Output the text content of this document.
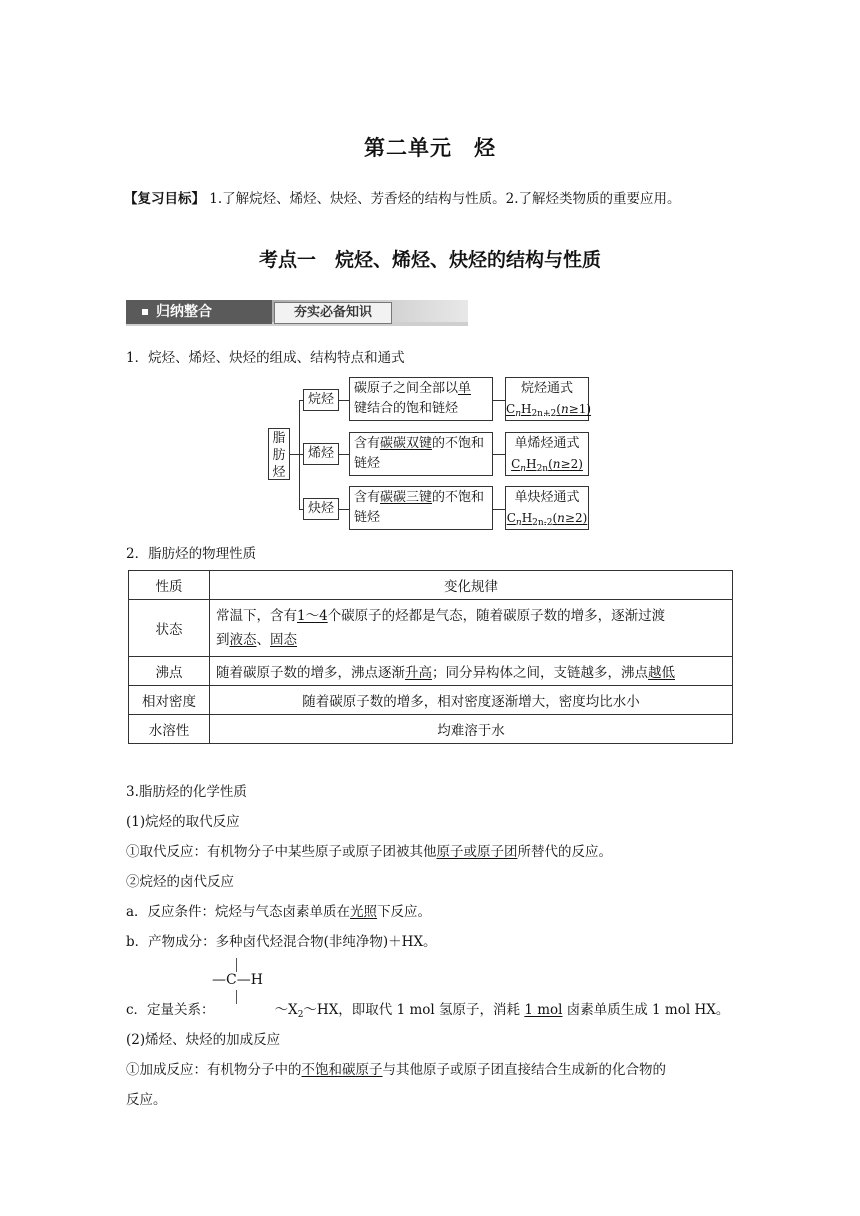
第二单元　烃
【复习目标】 1.了解烷烃、烯烃、炔烃、芳香烃的结构与性质。2.了解烃类物质的重要应用。
考点一　烷烃、烯烃、炔烃的结构与性质
归纳整合	夯实必备知识
1．烷烃、烯烃、炔烃的组成、结构特点和通式
脂肪烃
烷烃
碳原子之间全部以单
键结合的饱和链烃
烷烃通式
$C_nH_{2n+2}(n\ge 1)$
烯烃
含有碳碳双键的不饱和链烃
单烯烃通式
$C_nH_{2n}(n\ge 2)$
炔烃
含有碳碳三键的不饱和链烃
单炔烃通式
$C_nH_{2n-2}(n\ge 2)$
2．脂肪烃的物理性质
性质	变化规律
状态	常温下，含有1～4个碳原子的烃都是气态，随着碳原子数的增多，逐渐过渡
到液态、固态
沸点	随着碳原子数的增多，沸点逐渐升高；同分异构体之间，支链越多，沸点越低
相对密度	随着碳原子数的增多，相对密度逐渐增大，密度均比水小
水溶性	均难溶于水
3.脂肪烃的化学性质
(1)烷烃的取代反应
①取代反应：有机物分子中某些原子或原子团被其他原子或原子团所替代的反应。
②烷烃的卤代反应
a．反应条件：烷烃与气态卤素单质在光照下反应。
b．产物成分：多种卤代烃混合物(非纯净物)＋HX。
—C—H
c．定量关系：	$\sim X_2\sim HX$，即取代 1 mol 氢原子，消耗 1 mol 卤素单质生成 1 mol HX。
(2)烯烃、炔烃的加成反应
①加成反应：有机物分子中的不饱和碳原子与其他原子或原子团直接结合生成新的化合物的
反应。
